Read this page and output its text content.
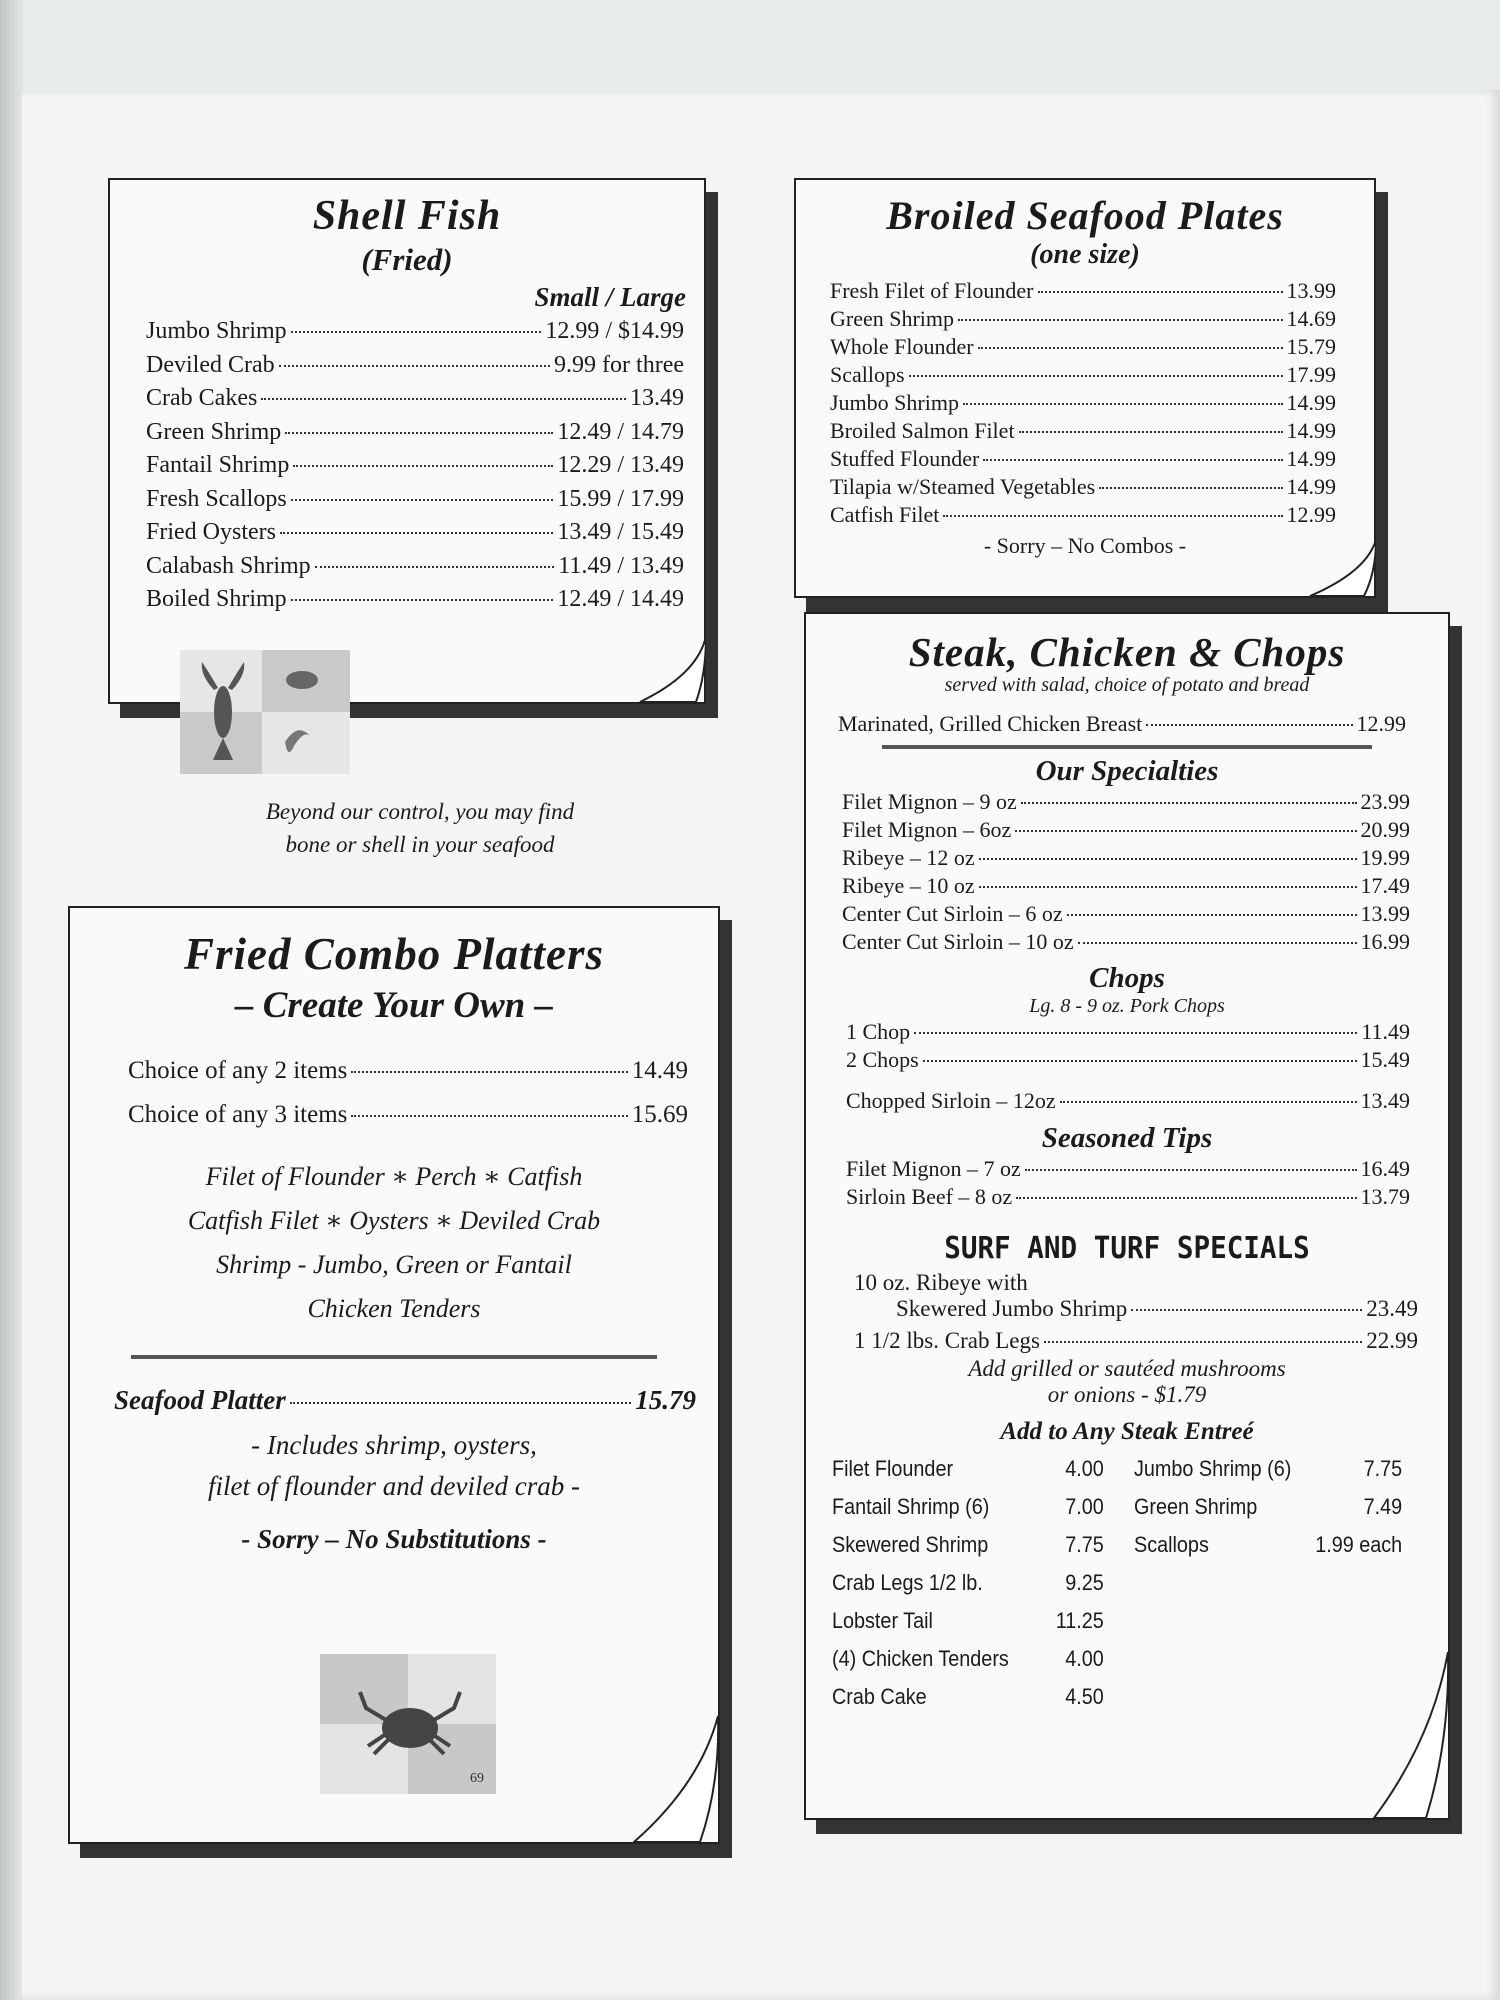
Shell Fish
(Fried)
Small / Large
Jumbo Shrimp	12.99 / $14.99
Deviled Crab	9.99 for three
Crab Cakes	13.49
Green Shrimp	12.49 / 14.79
Fantail Shrimp	12.29 / 13.49
Fresh Scallops	15.99 / 17.99
Fried Oysters	13.49 / 15.49
Calabash Shrimp	11.49 / 13.49
Boiled Shrimp	12.49 / 14.49
Beyond our control, you may find
bone or shell in your seafood
Broiled Seafood Plates
(one size)
Fresh Filet of Flounder	13.99
Green Shrimp	14.69
Whole Flounder	15.79
Scallops	17.99
Jumbo Shrimp	14.99
Broiled Salmon Filet	14.99
Stuffed Flounder	14.99
Tilapia w/Steamed Vegetables	14.99
Catfish Filet	12.99
- Sorry – No Combos -
Fried Combo Platters
– Create Your Own –
Choice of any 2 items	14.49
Choice of any 3 items	15.69
Filet of Flounder ∗ Perch ∗ Catfish
Catfish Filet ∗ Oysters ∗ Deviled Crab
Shrimp - Jumbo, Green or Fantail
Chicken Tenders
Seafood Platter	15.79
- Includes shrimp, oysters,
filet of flounder and deviled crab -
- Sorry – No Substitutions -
69
Steak, Chicken & Chops
served with salad, choice of potato and bread
Marinated, Grilled Chicken Breast	12.99
Our Specialties
Filet Mignon – 9 oz	23.99
Filet Mignon – 6oz	20.99
Ribeye – 12 oz	19.99
Ribeye – 10 oz	17.49
Center Cut Sirloin – 6 oz	13.99
Center Cut Sirloin – 10 oz	16.99
Chops
Lg. 8 - 9 oz. Pork Chops
1 Chop	11.49
2 Chops	15.49
Chopped Sirloin – 12oz	13.49
Seasoned Tips
Filet Mignon – 7 oz	16.49
Sirloin Beef – 8 oz	13.79
SURF AND TURF SPECIALS
10 oz. Ribeye with
Skewered Jumbo Shrimp	23.49
1 1/2 lbs. Crab Legs	22.99
Add grilled or sautéed mushrooms
or onions - $1.79
Add to Any Steak Entreé
Filet Flounder	4.00
Fantail Shrimp (6)	7.00
Skewered Shrimp	7.75
Crab Legs 1/2 lb.	9.25
Lobster Tail	11.25
(4) Chicken Tenders	4.00
Crab Cake	4.50
Jumbo Shrimp (6)	7.75
Green Shrimp	7.49
Scallops	1.99 each
